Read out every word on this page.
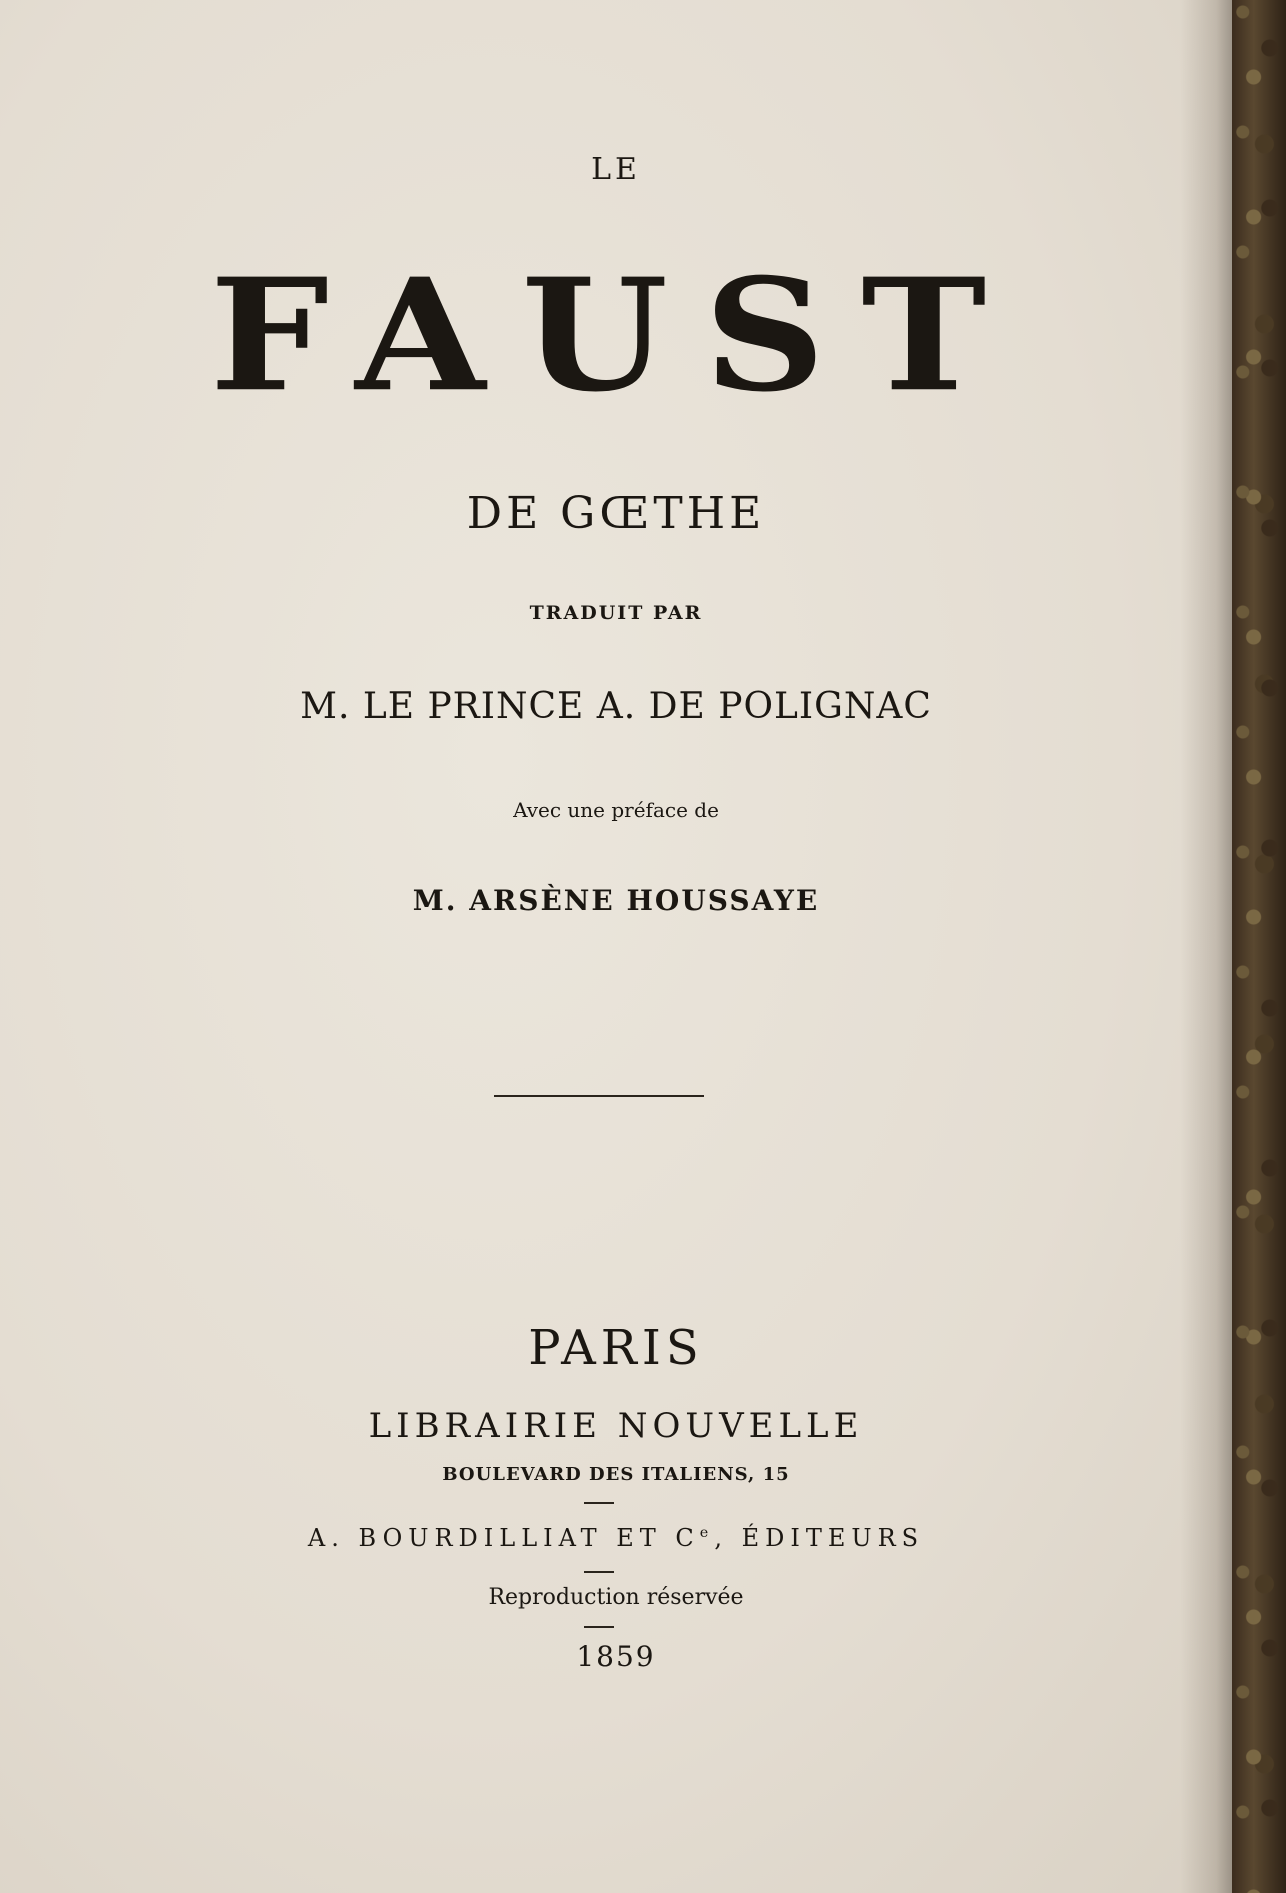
LE
FAUST
DE GŒTHE
TRADUIT PAR
M. LE PRINCE A. DE POLIGNAC
Avec une préface de
M. ARSÈNE HOUSSAYE
PARIS
LIBRAIRIE NOUVELLE
BOULEVARD DES ITALIENS, 15
A. BOURDILLIAT ET Ce, ÉDITEURS
Reproduction réservée
1859
